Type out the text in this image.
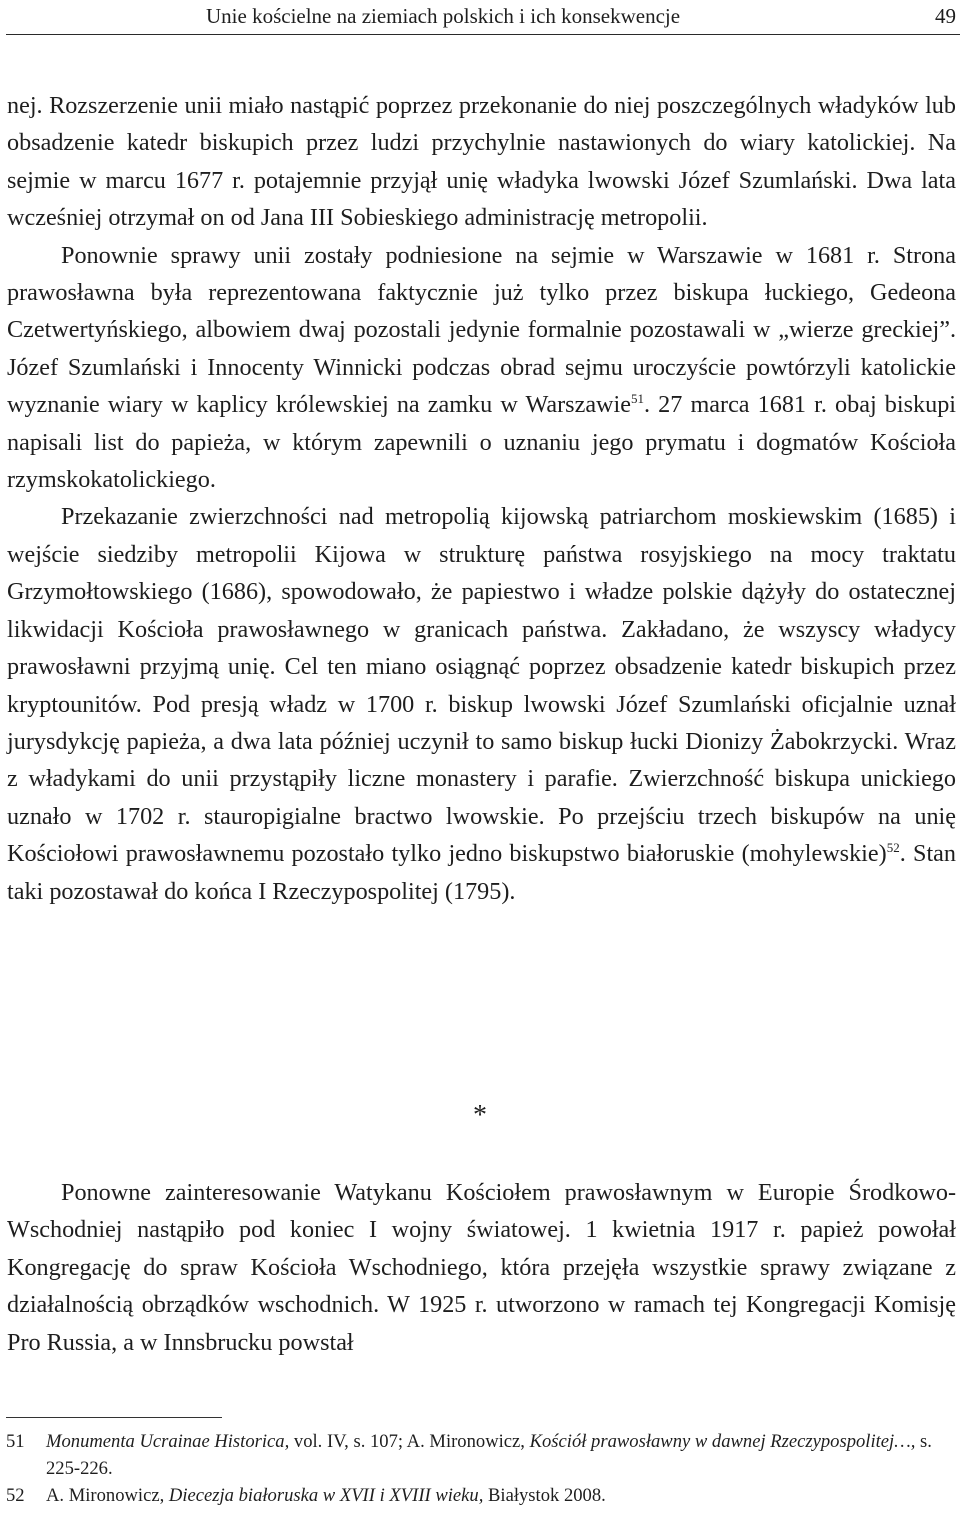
Unie kościelne na ziemiach polskich i ich konsekwencje	49

nej. Rozszerzenie unii miało nastąpić poprzez przekonanie do niej poszczególnych władyków lub obsadzenie katedr biskupich przez ludzi przychylnie nastawionych do wiary katolickiej. Na sejmie w marcu 1677 r. potajemnie przyjął unię władyka lwowski Józef Szumlański. Dwa lata wcześniej otrzymał on od Jana III Sobieskiego administrację metropolii.

Ponownie sprawy unii zostały podniesione na sejmie w Warszawie w 1681 r. Strona prawosławna była reprezentowana faktycznie już tylko przez biskupa łuckiego, Gedeona Czetwertyńskiego, albowiem dwaj pozostali jedynie formalnie pozostawali w „wierze greckiej”. Józef Szumlański i Innocenty Winnicki podczas obrad sejmu uroczyście powtórzyli katolickie wyznanie wiary w kaplicy królewskiej na zamku w Warszawie$^{51}$. 27 marca 1681 r. obaj biskupi napisali list do papieża, w którym zapewnili o uznaniu jego prymatu i dogmatów Kościoła rzymskokatolickiego.

Przekazanie zwierzchności nad metropolią kijowską patriarchom moskiewskim (1685) i wejście siedziby metropolii Kijowa w strukturę państwa rosyjskiego na mocy traktatu Grzymołtowskiego (1686), spowodowało, że papiestwo i władze polskie dążyły do ostatecznej likwidacji Kościoła prawosławnego w granicach państwa. Zakładano, że wszyscy władycy prawosławni przyjmą unię. Cel ten miano osiągnąć poprzez obsadzenie katedr biskupich przez kryptounitów. Pod presją władz w 1700 r. biskup lwowski Józef Szumlański oficjalnie uznał jurysdykcję papieża, a dwa lata później uczynił to samo biskup łucki Dionizy Żabokrzycki. Wraz z władykami do unii przystąpiły liczne monastery i parafie. Zwierzchność biskupa unickiego uznało w 1702 r. stauropigialne bractwo lwowskie. Po przejściu trzech biskupów na unię Kościołowi prawosławnemu pozostało tylko jedno biskupstwo białoruskie (mohylewskie)$^{52}$. Stan taki pozostawał do końca I Rzeczypospolitej (1795).

*

Ponowne zainteresowanie Watykanu Kościołem prawosławnym w Europie Środkowo-Wschodniej nastąpiło pod koniec I wojny światowej. 1 kwietnia 1917 r. papież powołał Kongregację do spraw Kościoła Wschodniego, która przejęła wszystkie sprawy związane z działalnością obrządków wschodnich. W 1925 r. utworzono w ramach tej Kongregacji Komisję Pro Russia, a w Innsbrucku powstał

51 Monumenta Ucrainae Historica, vol. IV, s. 107; A. Mironowicz, Kościół prawosławny w dawnej Rzeczypospolitej…, s. 225-226.
52 A. Mironowicz, Diecezja białoruska w XVII i XVIII wieku, Białystok 2008.
